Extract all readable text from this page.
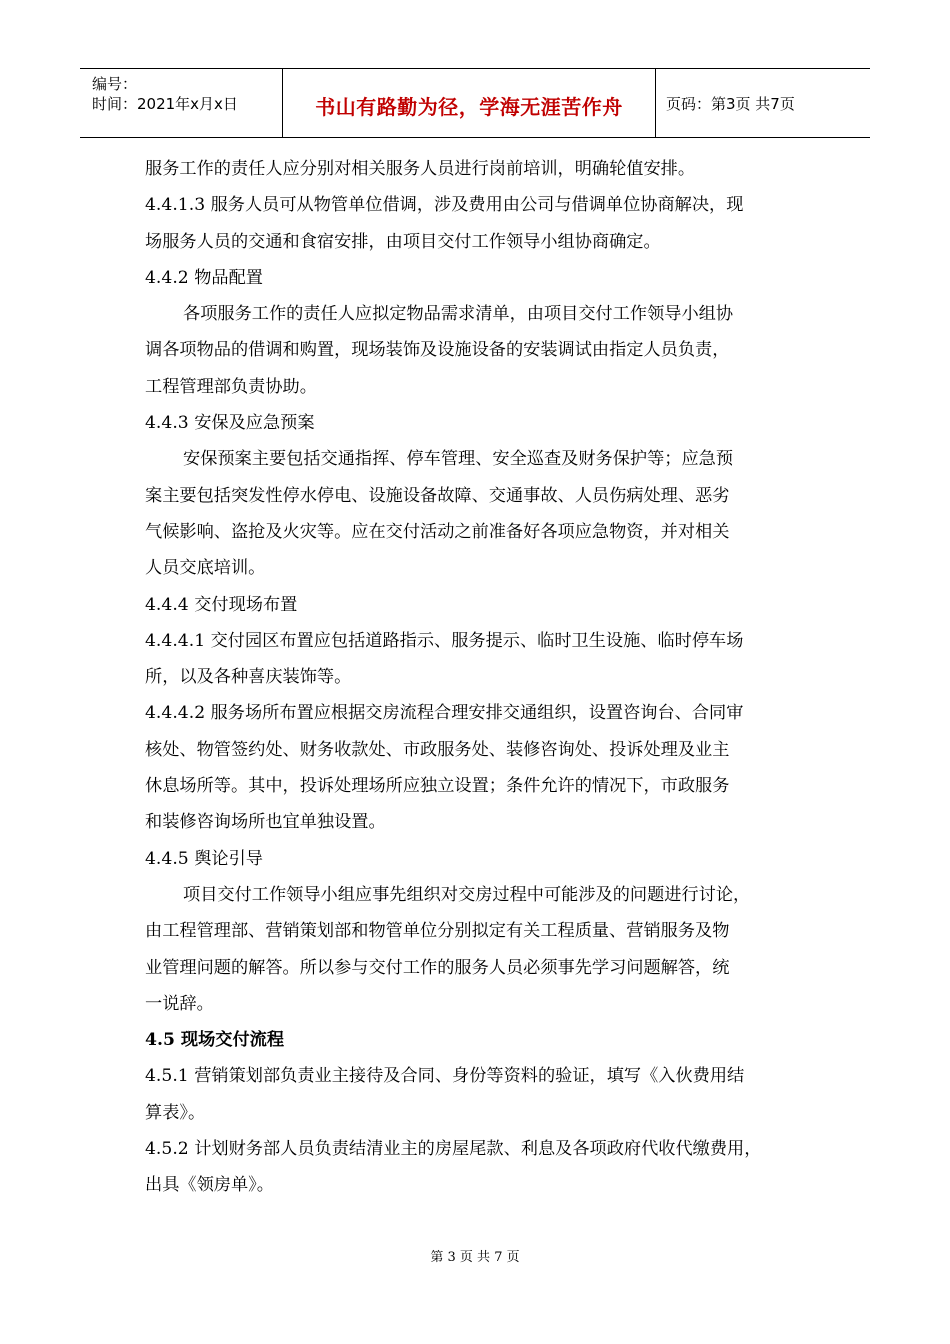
编号：
时间：2021年x月x日	书山有路勤为径，学海无涯苦作舟	页码：第3页 共7页

服务工作的责任人应分别对相关服务人员进行岗前培训，明确轮值安排。

4.4.1.3 服务人员可从物管单位借调，涉及费用由公司与借调单位协商解决，现

场服务人员的交通和食宿安排，由项目交付工作领导小组协商确定。

4.4.2 物品配置

各项服务工作的责任人应拟定物品需求清单，由项目交付工作领导小组协

调各项物品的借调和购置，现场装饰及设施设备的安装调试由指定人员负责，

工程管理部负责协助。

4.4.3 安保及应急预案

安保预案主要包括交通指挥、停车管理、安全巡查及财务保护等；应急预

案主要包括突发性停水停电、设施设备故障、交通事故、人员伤病处理、恶劣

气候影响、盗抢及火灾等。应在交付活动之前准备好各项应急物资，并对相关

人员交底培训。

4.4.4 交付现场布置

4.4.4.1 交付园区布置应包括道路指示、服务提示、临时卫生设施、临时停车场

所，以及各种喜庆装饰等。

4.4.4.2 服务场所布置应根据交房流程合理安排交通组织，设置咨询台、合同审

核处、物管签约处、财务收款处、市政服务处、装修咨询处、投诉处理及业主

休息场所等。其中，投诉处理场所应独立设置；条件允许的情况下，市政服务

和装修咨询场所也宜单独设置。

4.4.5 舆论引导

项目交付工作领导小组应事先组织对交房过程中可能涉及的问题进行讨论，

由工程管理部、营销策划部和物管单位分别拟定有关工程质量、营销服务及物

业管理问题的解答。所以参与交付工作的服务人员必须事先学习问题解答，统

一说辞。

4.5 现场交付流程

4.5.1 营销策划部负责业主接待及合同、身份等资料的验证，填写《入伙费用结

算表》。

4.5.2 计划财务部人员负责结清业主的房屋尾款、利息及各项政府代收代缴费用，

出具《领房单》。

第 3 页 共 7 页
